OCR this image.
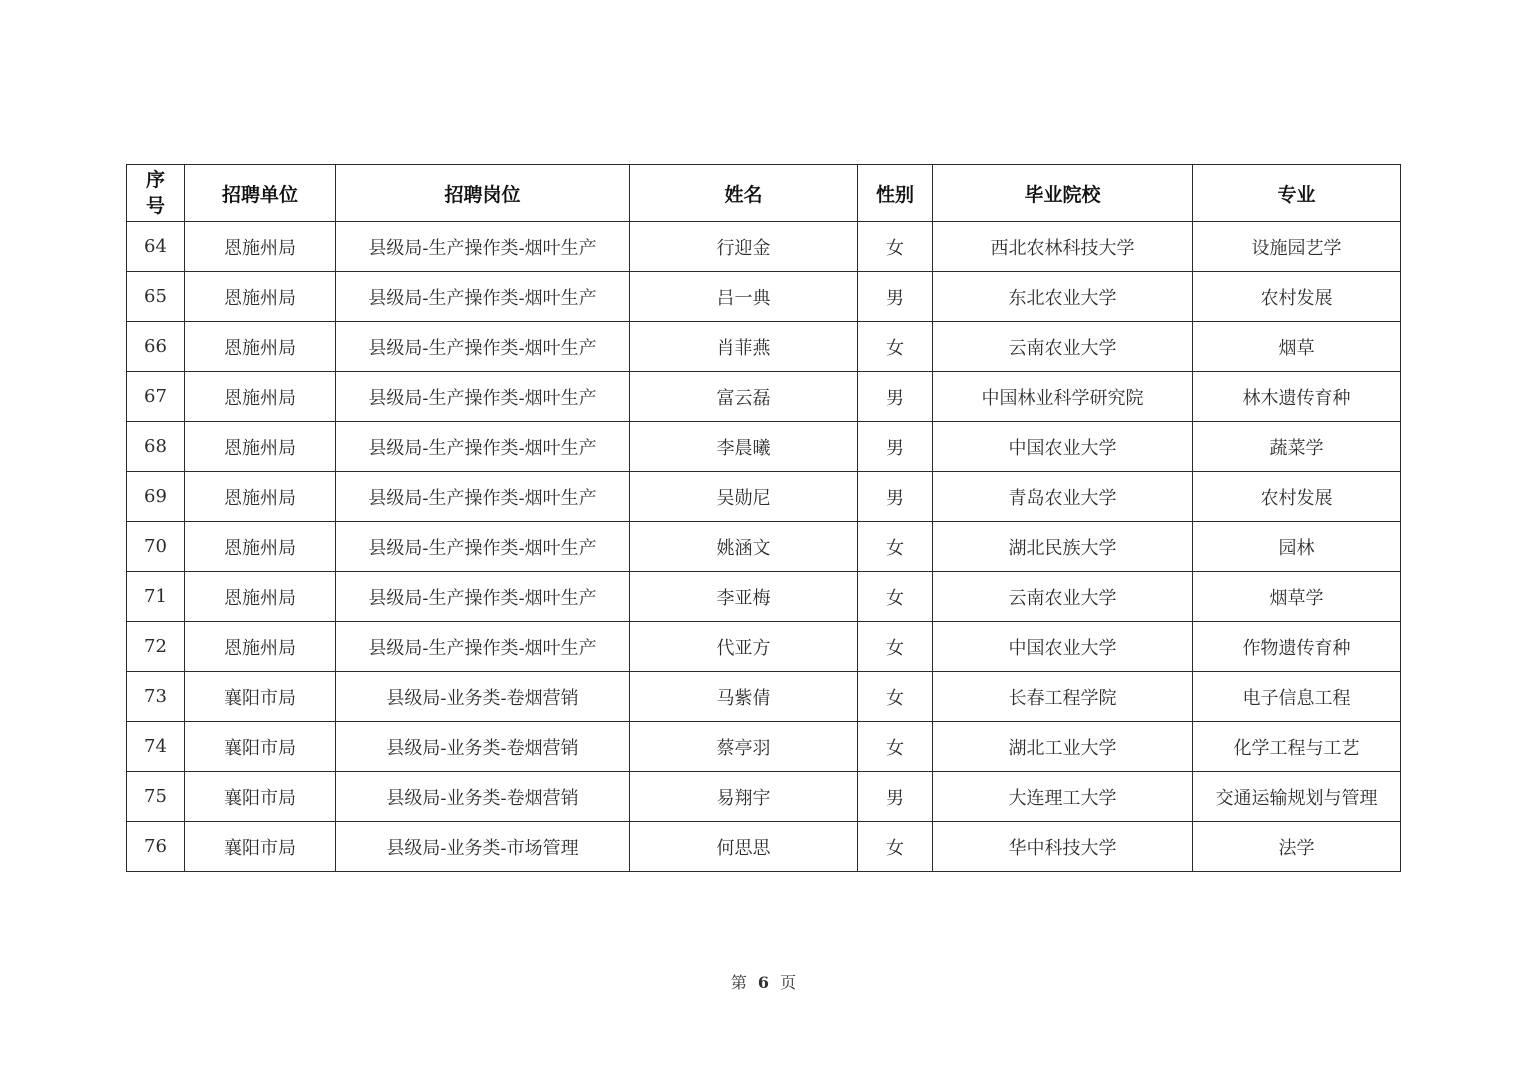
序
号	招聘单位	招聘岗位	姓名	性别	毕业院校	专业
64	恩施州局	县级局-生产操作类-烟叶生产	行迎金	女	西北农林科技大学	设施园艺学
65	恩施州局	县级局-生产操作类-烟叶生产	吕一典	男	东北农业大学	农村发展
66	恩施州局	县级局-生产操作类-烟叶生产	肖菲燕	女	云南农业大学	烟草
67	恩施州局	县级局-生产操作类-烟叶生产	富云磊	男	中国林业科学研究院	林木遗传育种
68	恩施州局	县级局-生产操作类-烟叶生产	李晨曦	男	中国农业大学	蔬菜学
69	恩施州局	县级局-生产操作类-烟叶生产	吴勋尼	男	青岛农业大学	农村发展
70	恩施州局	县级局-生产操作类-烟叶生产	姚涵文	女	湖北民族大学	园林
71	恩施州局	县级局-生产操作类-烟叶生产	李亚梅	女	云南农业大学	烟草学
72	恩施州局	县级局-生产操作类-烟叶生产	代亚方	女	中国农业大学	作物遗传育种
73	襄阳市局	县级局-业务类-卷烟营销	马紫倩	女	长春工程学院	电子信息工程
74	襄阳市局	县级局-业务类-卷烟营销	蔡亭羽	女	湖北工业大学	化学工程与工艺
75	襄阳市局	县级局-业务类-卷烟营销	易翔宇	男	大连理工大学	交通运输规划与管理
76	襄阳市局	县级局-业务类-市场管理	何思思	女	华中科技大学	法学
第 6 页
